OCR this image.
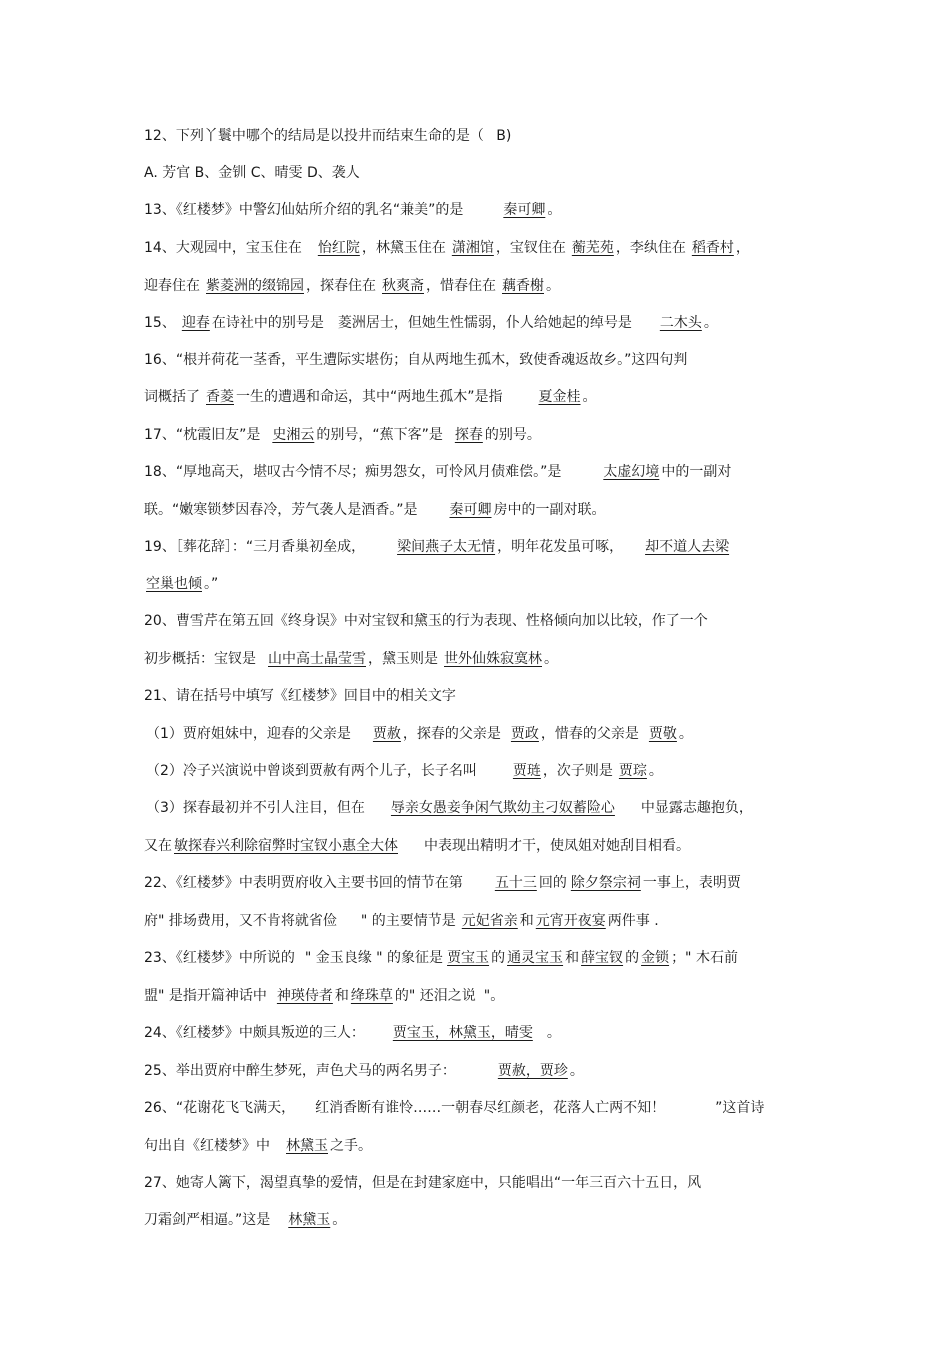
12、下列丫鬟中哪个的结局是以投井而结束生命的是（ B)
A. 芳官 B、金钏 C、晴雯 D、袭人
13、《红楼梦》中警幻仙姑所介绍的乳名“兼美”的是	秦可卿 。
14、大观园中，宝玉住在 怡红院 ，林黛玉住在 潇湘馆 ，宝钗住在 蘅芜苑 ，李纨住在 稻香村 ，
迎春住在 紫菱洲的缀锦园 ，探春住在 秋爽斋 ，惜春住在 藕香榭 。
15、 迎春 在诗社中的别号是 菱洲居士，但她生性懦弱，仆人给她起的绰号是 二木头 。
16、“根并荷花一茎香，平生遭际实堪伤；自从两地生孤木，致使香魂返故乡。”这四句判
词概括了 香菱 一生的遭遇和命运，其中“两地生孤木”是指	夏金桂 。
17、“枕霞旧友”是 史湘云 的别号，“蕉下客”是 探春 的别号。
18、“厚地高天，堪叹古今情不尽；痴男怨女，可怜风月债难偿。”是	太虚幻境 中的一副对
联。“嫩寒锁梦因春冷，芳气袭人是酒香。”是 秦可卿 房中的一副对联。
19、［葬花辞］：“三月香巢初垒成， 梁间燕子太无情 ，明年花发虽可啄， 却不道人去梁
空巢也倾 。”
20、曹雪芹在第五回《终身误》中对宝钗和黛玉的行为表现、性格倾向加以比较，作了一个
初步概括：宝钗是 山中高士晶莹雪 ，黛玉则是 世外仙姝寂寞林 。
21、请在括号中填写《红楼梦》回目中的相关文字
（1）贾府姐妹中，迎春的父亲是 贾赦 ，探春的父亲是 贾政 ，惜春的父亲是 贾敬 。
（2）冷子兴演说中曾谈到贾赦有两个儿子，长子名叫	贾琏 ，次子则是 贾琮 。
（3）探春最初并不引人注目，但在 辱亲女愚妾争闲气欺幼主刁奴蓄险心 中显露志趣抱负，
又在 敏探春兴利除宿弊时宝钗小惠全大体 中表现出精明才干，使凤姐对她刮目相看。
22、《红楼梦》中表明贾府收入主要书回的情节在第 五十三 回的 除夕祭宗祠 一事上，表明贾
府" 排场费用，又不肯将就省俭 " 的主要情节是 元妃省亲 和 元宵开夜宴 两件事 .
23、《红楼梦》中所说的 " 金玉良缘 " 的象征是 贾宝玉 的 通灵宝玉 和 薛宝钗 的 金锁 ；" 木石前
盟" 是指开篇神话中 神瑛侍者 和 绛珠草 的" 还泪之说 "。
24、《红楼梦》中颇具叛逆的三人： 贾宝玉，林黛玉，晴雯 。
25、举出贾府中醉生梦死，声色犬马的两名男子：	贾赦，贾珍 。
26、“花谢花飞飞满天， 红消香断有谁怜……一朝春尽红颜老，花落人亡两不知！	”这首诗
句出自《红楼梦》中 林黛玉 之手。
27、她寄人篱下，渴望真挚的爱情，但是在封建家庭中，只能唱出“一年三百六十五日，风
刀霜剑严相逼。”这是 林黛玉 。
